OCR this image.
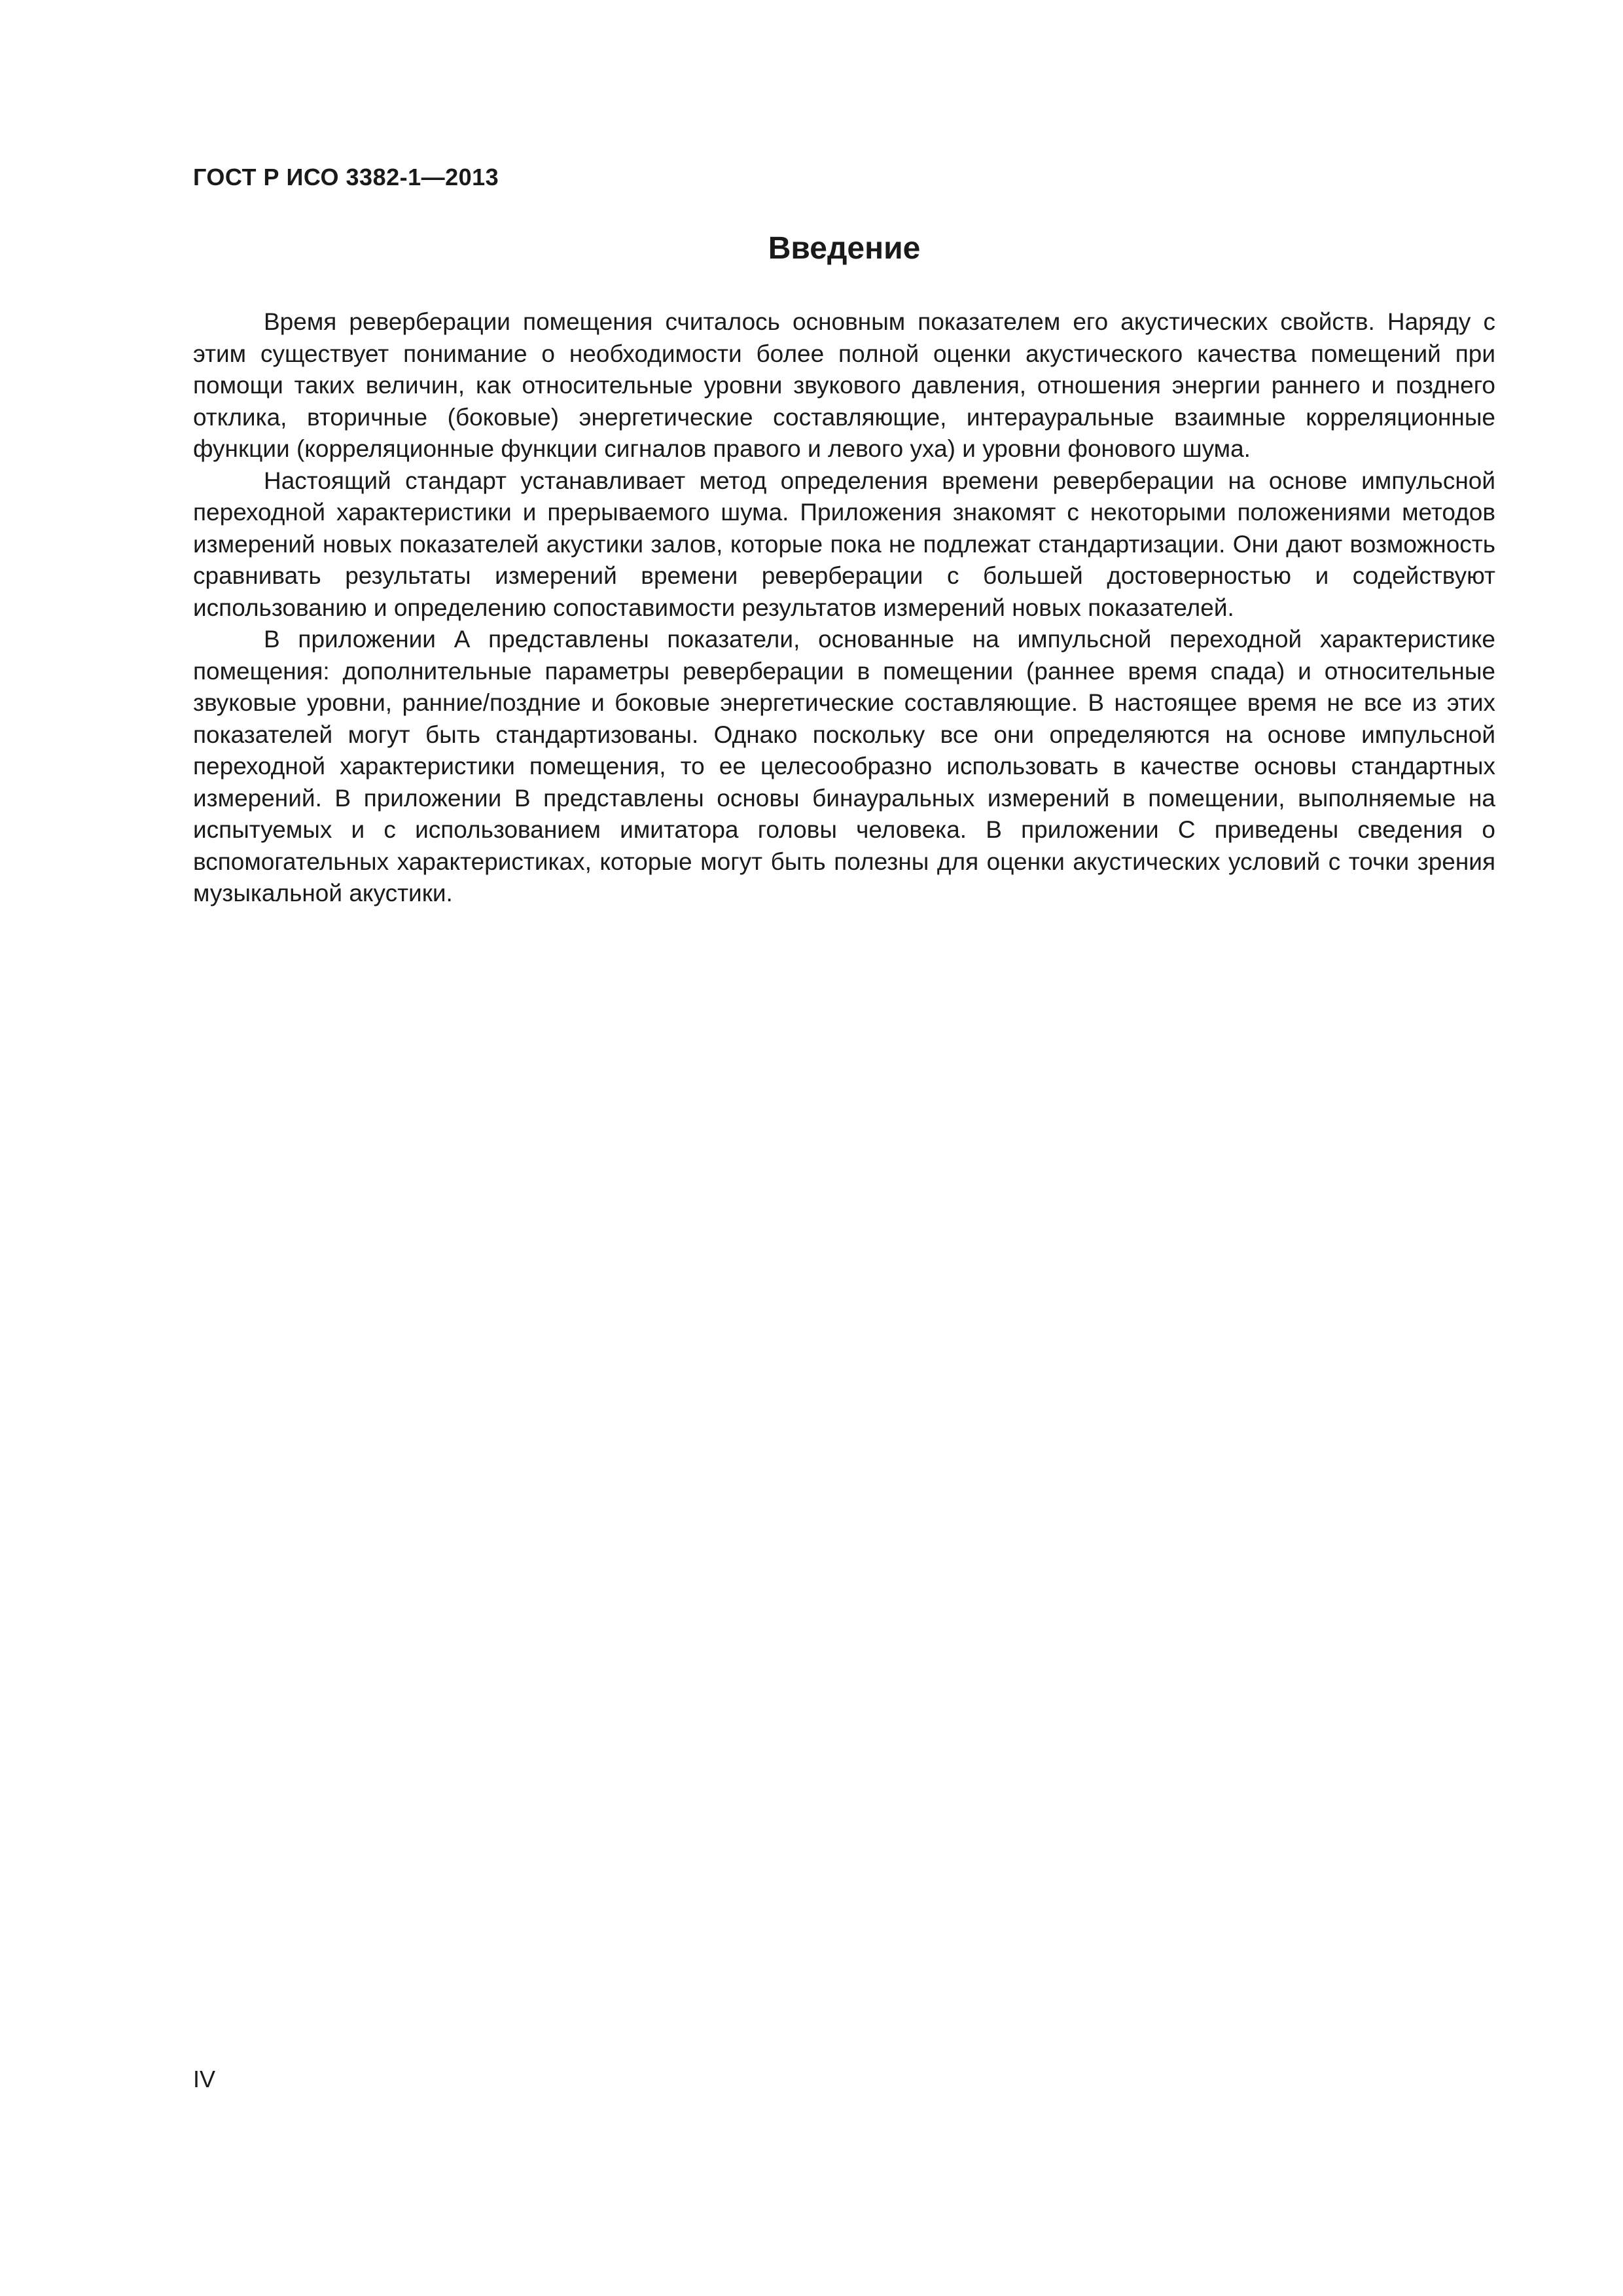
ГОСТ Р ИСО 3382-1—2013
Введение

Время реверберации помещения считалось основным показателем его акустических свойств. Наряду с этим существует понимание о необходимости более полной оценки акустического качества помещений при помощи таких величин, как относительные уровни звукового давления, отношения энергии раннего и позднего отклика, вторичные (боковые) энергетические составляющие, интерауральные взаимные корреляционные функции (корреляционные функции сигналов правого и левого уха) и уровни фонового шума.

Настоящий стандарт устанавливает метод определения времени реверберации на основе импульсной переходной характеристики и прерываемого шума. Приложения знакомят с некоторыми положениями методов измерений новых показателей акустики залов, которые пока не подлежат стандартизации. Они дают возможность сравнивать результаты измерений времени реверберации с большей достоверностью и содействуют использованию и определению сопоставимости результатов измерений новых показателей.

В приложении А представлены показатели, основанные на импульсной переходной характеристике помещения: дополнительные параметры реверберации в помещении (раннее время спада) и относительные звуковые уровни, ранние/поздние и боковые энергетические составляющие. В настоящее время не все из этих показателей могут быть стандартизованы. Однако поскольку все они определяются на основе импульсной переходной характеристики помещения, то ее целесообразно использовать в качестве основы стандартных измерений. В приложении В представлены основы бинауральных измерений в помещении, выполняемые на испытуемых и с использованием имитатора головы человека. В приложении С приведены сведения о вспомогательных характеристиках, которые могут быть полезны для оценки акустических условий с точки зрения музыкальной акустики.

IV
